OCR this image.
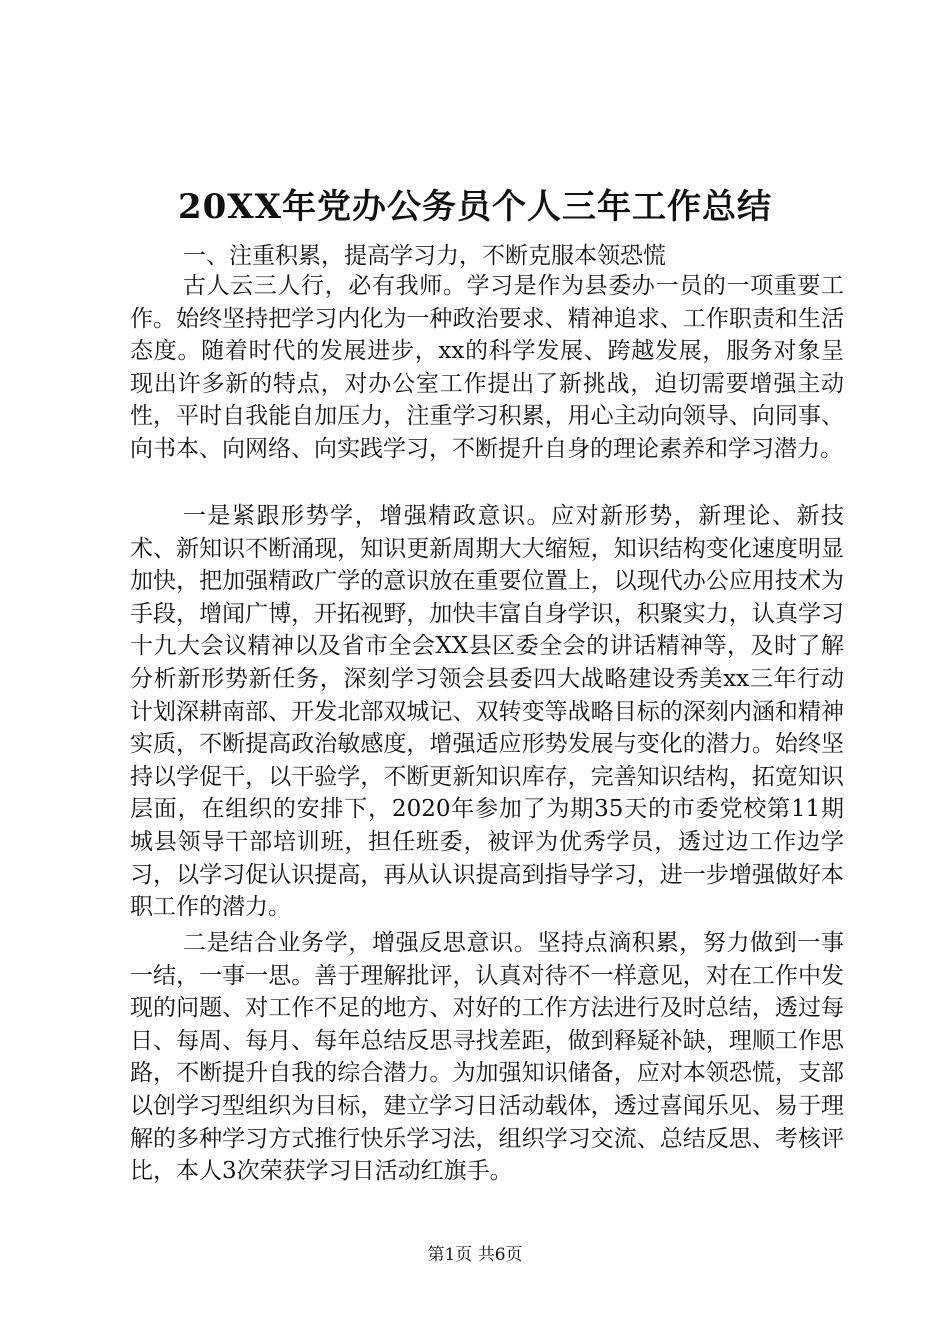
20XX年党办公务员个人三年工作总结
一、注重积累，提高学习力，不断克服本领恐慌

古人云三人行，必有我师。学习是作为县委办一员的一项重要工作。始终坚持把学习内化为一种政治要求、精神追求、工作职责和生活态度。随着时代的发展进步，xx的科学发展、跨越发展，服务对象呈现出许多新的特点，对办公室工作提出了新挑战，迫切需要增强主动性，平时自我能自加压力，注重学习积累，用心主动向领导、向同事、向书本、向网络、向实践学习，不断提升自身的理论素养和学习潜力。

一是紧跟形势学，增强精政意识。应对新形势，新理论、新技术、新知识不断涌现，知识更新周期大大缩短，知识结构变化速度明显加快，把加强精政广学的意识放在重要位置上，以现代办公应用技术为手段，增闻广博，开拓视野，加快丰富自身学识，积聚实力，认真学习十九大会议精神以及省市全会XX县区委全会的讲话精神等，及时了解分析新形势新任务，深刻学习领会县委四大战略建设秀美xx三年行动计划深耕南部、开发北部双城记、双转变等战略目标的深刻内涵和精神实质，不断提高政治敏感度，增强适应形势发展与变化的潜力。始终坚持以学促干，以干验学，不断更新知识库存，完善知识结构，拓宽知识层面，在组织的安排下，2020年参加了为期35天的市委党校第11期城县领导干部培训班，担任班委，被评为优秀学员，透过边工作边学习，以学习促认识提高，再从认识提高到指导学习，进一步增强做好本职工作的潜力。

二是结合业务学，增强反思意识。坚持点滴积累，努力做到一事一结，一事一思。善于理解批评，认真对待不一样意见，对在工作中发现的问题、对工作不足的地方、对好的工作方法进行及时总结，透过每日、每周、每月、每年总结反思寻找差距，做到释疑补缺，理顺工作思路，不断提升自我的综合潜力。为加强知识储备，应对本领恐慌，支部以创学习型组织为目标，建立学习日活动载体，透过喜闻乐见、易于理解的多种学习方式推行快乐学习法，组织学习交流、总结反思、考核评比，本人3次荣获学习日活动红旗手。

第1页 共6页
